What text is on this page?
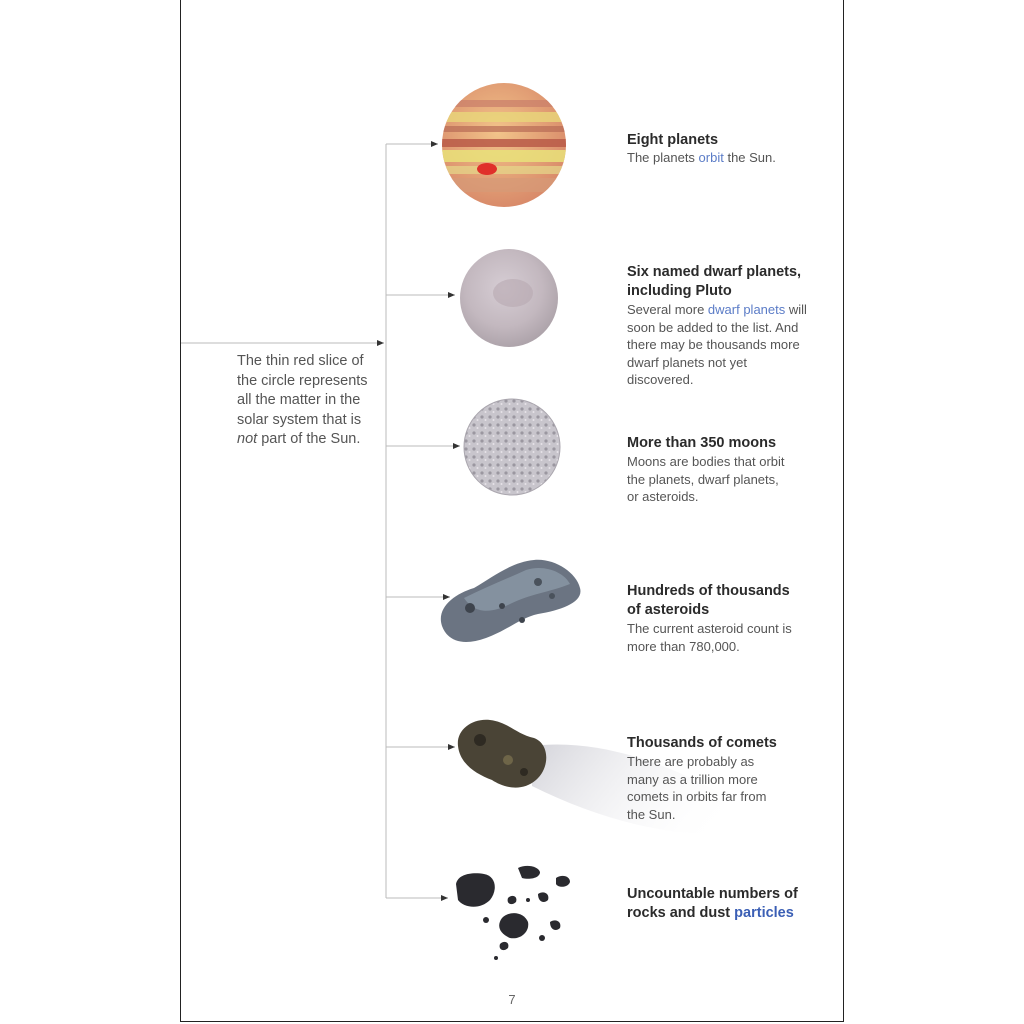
The thin red slice of the circle represents all the matter in the solar system that is not part of the Sun.
Eight planets
The planets orbit the Sun.
Six named dwarf planets, including Pluto
Several more dwarf planets will soon be added to the list. And there may be thousands more dwarf planets not yet discovered.
More than 350 moons
Moons are bodies that orbit the planets, dwarf planets, or asteroids.
Hundreds of thousands of asteroids
The current asteroid count is more than 780,000.
Thousands of comets
There are probably as many as a trillion more comets in orbits far from the Sun.
Uncountable numbers of rocks and dust particles
7
